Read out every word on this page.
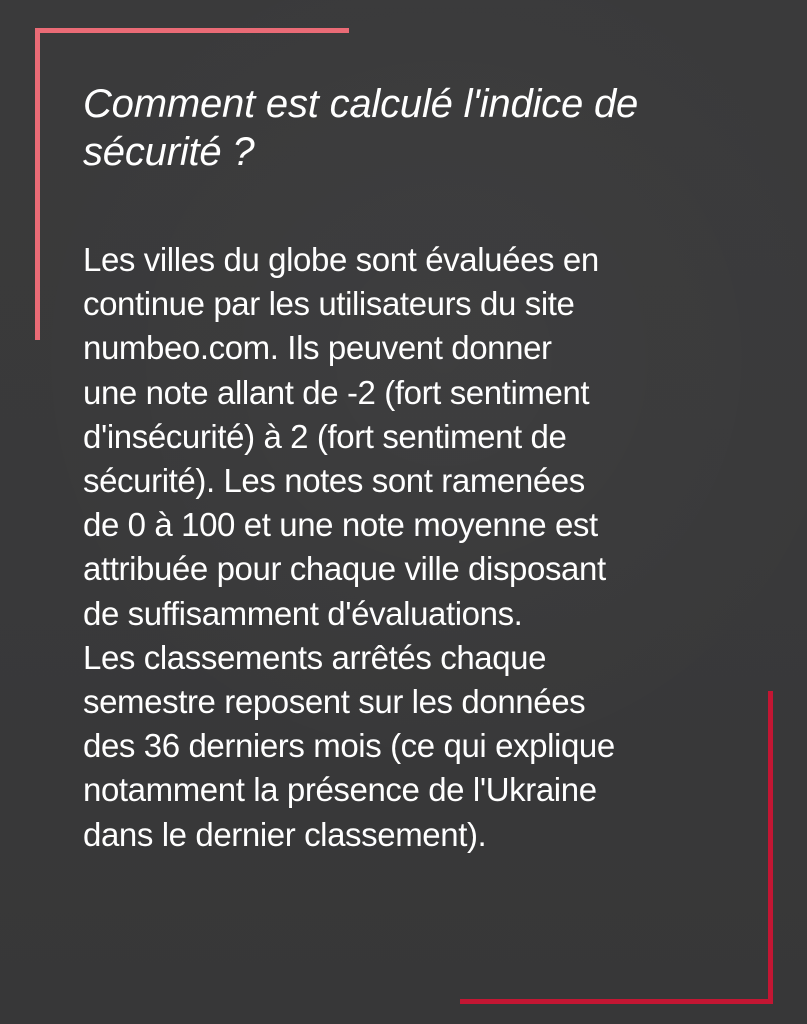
Comment est calculé l'indice de
sécurité ?

Les villes du globe sont évaluées en
continue par les utilisateurs du site
numbeo.com. Ils peuvent donner
une note allant de -2 (fort sentiment
d'insécurité) à 2 (fort sentiment de
sécurité). Les notes sont ramenées
de 0 à 100 et une note moyenne est
attribuée pour chaque ville disposant
de suffisamment d'évaluations.
Les classements arrêtés chaque
semestre reposent sur les données
des 36 derniers mois (ce qui explique
notamment la présence de l'Ukraine
dans le dernier classement).
